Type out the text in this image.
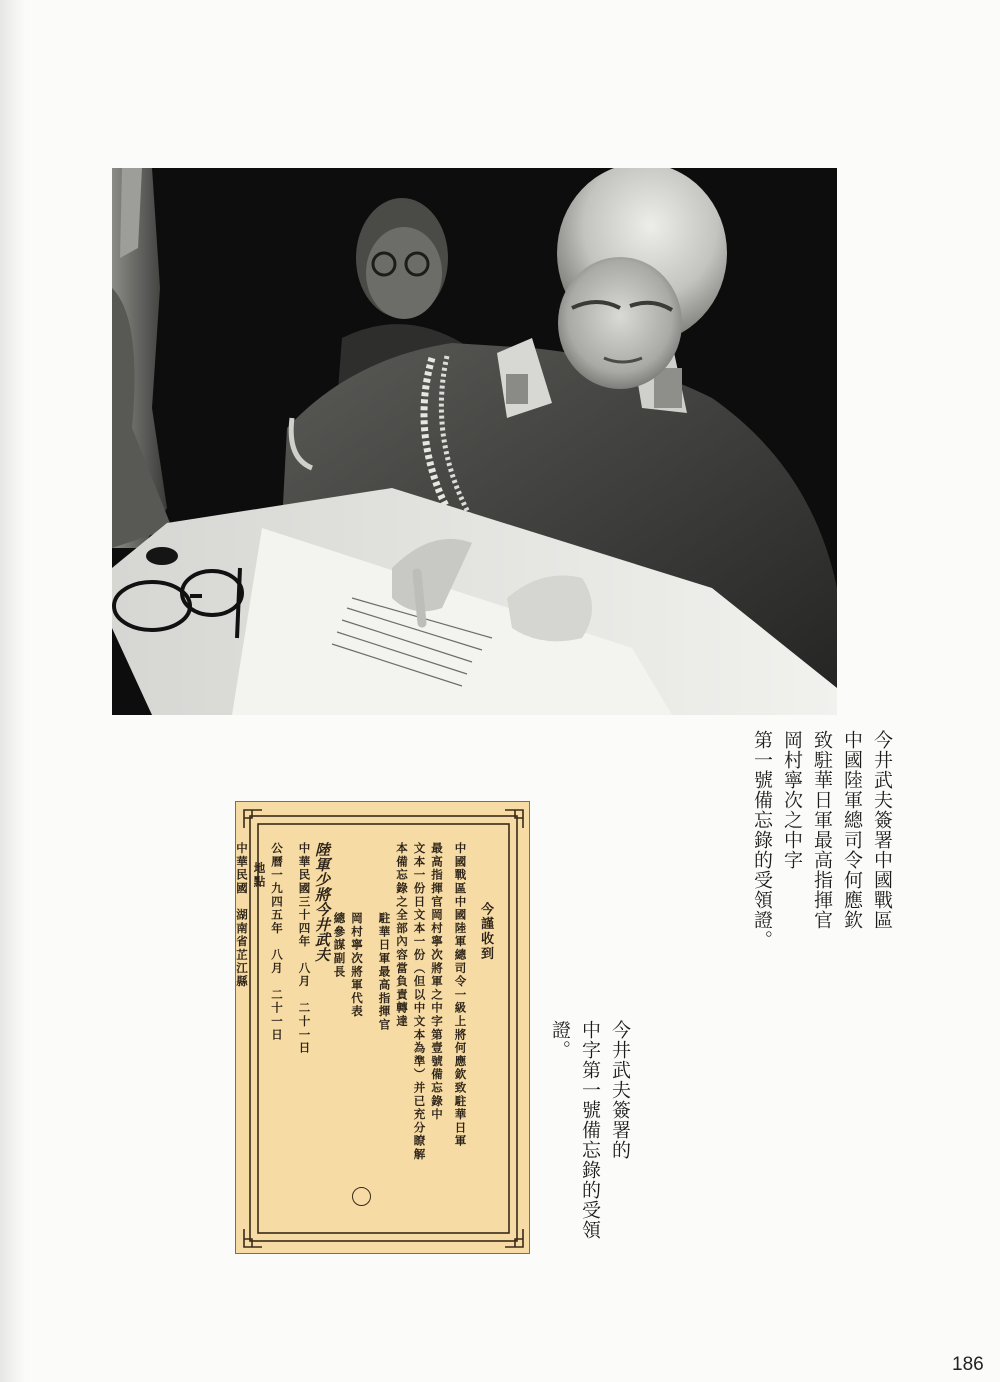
今井武夫簽署中國戰區
中國陸軍總司令何應欽
致駐華日軍最高指揮官
岡村寧次之中字
第一號備忘錄的受領證。
今謹收到
中國戰區中國陸軍總司令一級上將何應欽致駐華日軍
最高指揮官岡村寧次將軍之中字第壹號備忘錄中
文本一份日文本一份（但以中文本為準）并已充分瞭解
本備忘錄之全部內容當負責轉達
駐華日軍最高指揮官
岡村寧次將軍代表
總參謀副長
陸軍少將今井武夫
中華民國三十四年　八月　二十一日
公曆一九四五年　八月　二十一日
地點
中華民國　湖南省芷江縣
今井武夫簽署的
中字第一號備忘錄的受領證。
186
